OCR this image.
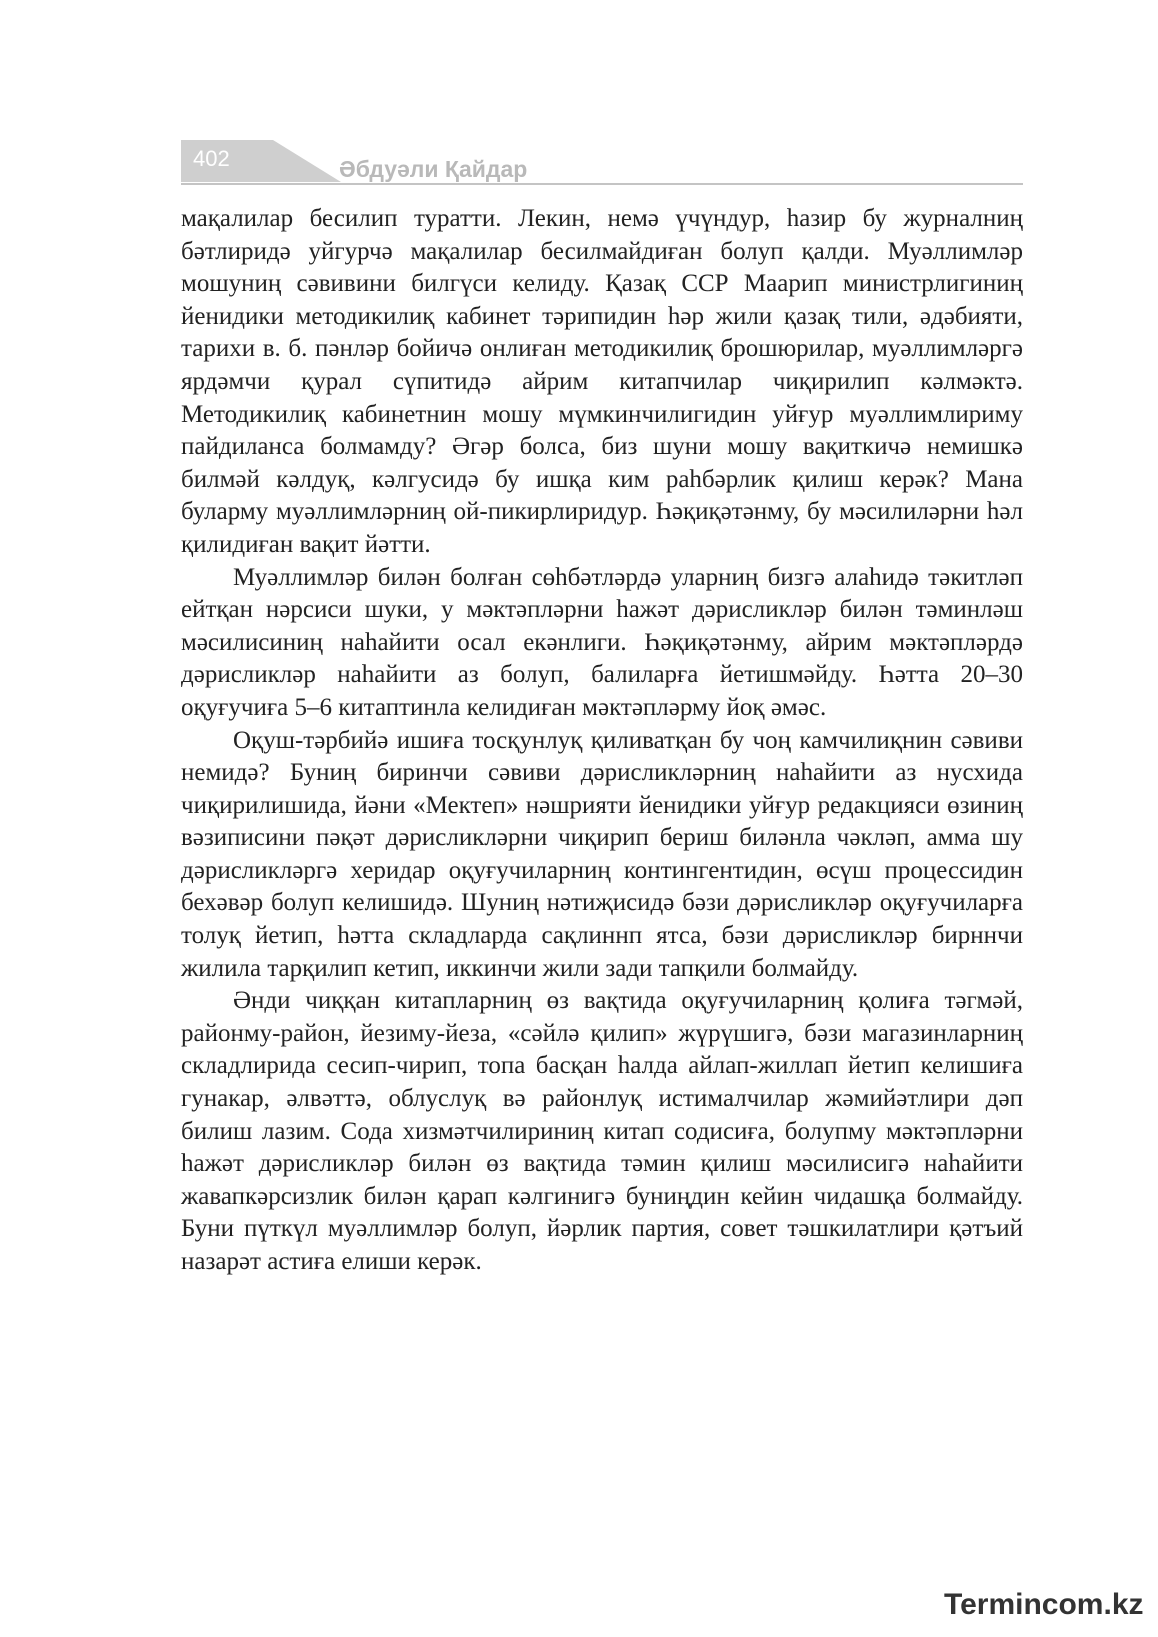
402	Әбдуәли Қайдар

мақалилар бесилип туратти. Лекин, немә үчүндур, һазир бу журналниң бәтлиридә уйгурчә мақалилар бесилмайдиған болуп қалди. Муәллимләр мошуниң сәвивини билгүси келиду. Қазақ ССР Маарип министрлигиниң йенидики методикилиқ кабинет тәрипидин һәр жили қазақ тили, әдәбияти, тарихи в. б. пәнләр бойичә онлиған методикилиқ брошюрилар, муәллимләргә ярдәмчи қурал сүпитидә айрим китапчилар чиқирилип кәлмәктә. Методикилиқ кабинетнин мошу мүмкинчилигидин уйғур муәллимлириму пайдиланса болмамду? Әгәр болса, биз шуни мошу вақиткичә немишкә билмәй кәлдуқ, кәлгусидә бу ишқа ким раһбәрлик қилиш керәк? Мана буларму муәллимләрниң ой-пикирлиридур. Һәқиқәтәнму, бу мәсилиләрни һәл қилидиған вақит йәтти.

Муәллимләр билән болған сөһбәтләрдә уларниң бизгә алаһидә тәкитләп ейтқан нәрсиси шуки, у мәктәпләрни һажәт дәрисликләр билән тәминләш мәсилисиниң наһайити осал екәнлиги. Һәқиқәтәнму, айрим мәктәпләрдә дәрисликләр наһайити аз болуп, балиларға йетишмәйду. Һәтта 20–30 оқуғучиға 5–6 китаптинла келидиған мәктәпләрму йоқ әмәс.

Оқуш-тәрбийә ишиға тосқунлуқ қиливатқан бу чоң камчилиқнин сәвиви немидә? Буниң биринчи сәвиви дәрисликләрниң наһайити аз нусхида чиқирилишида, йәни «Мектеп» нәшрияти йенидики уйғур редакцияси өзиниң вәзиписини пәқәт дәрисликләрни чиқирип бериш биләнла чәкләп, амма шу дәрисликләргә херидар оқуғучиларниң контингентидин, өсүш процессидин бехәвәр болуп келишидә. Шуниң нәтиҗисидә бәзи дәрисликләр оқуғучиларға толуқ йетип, һәтта складларда сақлиннп ятса, бәзи дәрисликләр бирннчи жилила тарқилип кетип, иккинчи жили зади тапқили болмайду.

Әнди чиққан китапларниң өз вақтида оқуғучиларниң қолиға тәгмәй, районму-район, йезиму-йеза, «сәйлә қилип» жүрүшигә, бәзи магазинларниң складлирида сесип-чирип, топа басқан һалда айлап-жиллап йетип келишиға гунакар, әлвәттә, облуслуқ вә районлуқ истималчилар жәмийәтлири дәп билиш лазим. Сода хизмәтчилириниң китап содисиға, болупму мәктәпләрни һажәт дәрисликләр билән өз вақтида тәмин қилиш мәсилисигә наһайити жавапкәрсизлик билән қарап кәлгинигә буниңдин кейин чидашқа болмайду. Буни пүткүл муәллимләр болуп, йәрлик партия, совет тәшкилатлири қәтъий назарәт астиға елиши керәк.

Termincom.kz
